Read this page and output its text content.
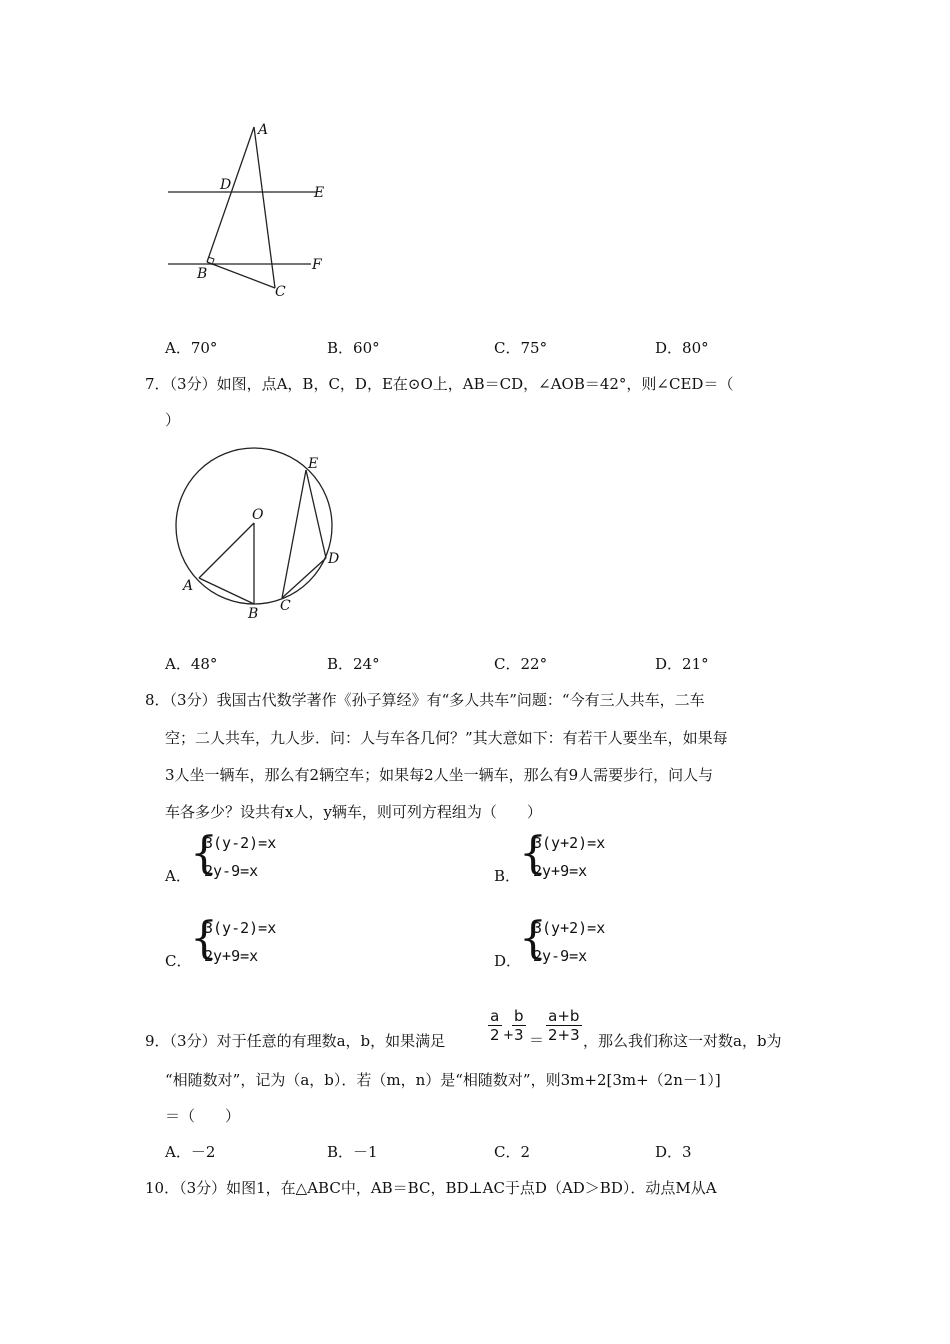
A
D	E
B
F
C
A．70°	B．60°	C．75°	D．80°
7．（3分）如图，点A，B，C，D，E在⊙O上，AB＝CD，∠AOB＝42°，则∠CED＝（
）
E
O
D
A
B C
A．48°	B．24°	C．22°	D．21°
8．（3分）我国古代数学著作《孙子算经》有“多人共车”问题：“今有三人共车，二车
空；二人共车，九人步．问：人与车各几何？”其大意如下：有若干人要坐车，如果每
3人坐一辆车，那么有2辆空车；如果每2人坐一辆车，那么有9人需要步行，问人与
车各多少？设共有x人，y辆车，则可列方程组为（　　）
A． {
3(y-2)=x
2y-9=x	B．
{
3(y+2)=x
2y+9=x
C．
{
3(y-2)=x
2y+9=x	D．
{
3(y+2)=x
2y-9=x
9．（3分）对于任意的有理数a，b，如果满足	$\frac{a}{2}$ +
$\frac{b}{3} = \frac{a+b}{2+3}$ ，那么我们称这一对数a，b为
“相随数对”，记为（a，b）．若（m，n）是“相随数对”，则3m+2[3m+（2n－1）]
＝（　　）
A．－2	B．－1	C．2	D．3
10．（3分）如图1，在△ABC中，AB＝BC，BD⊥AC于点D（AD＞BD）．动点M从A
